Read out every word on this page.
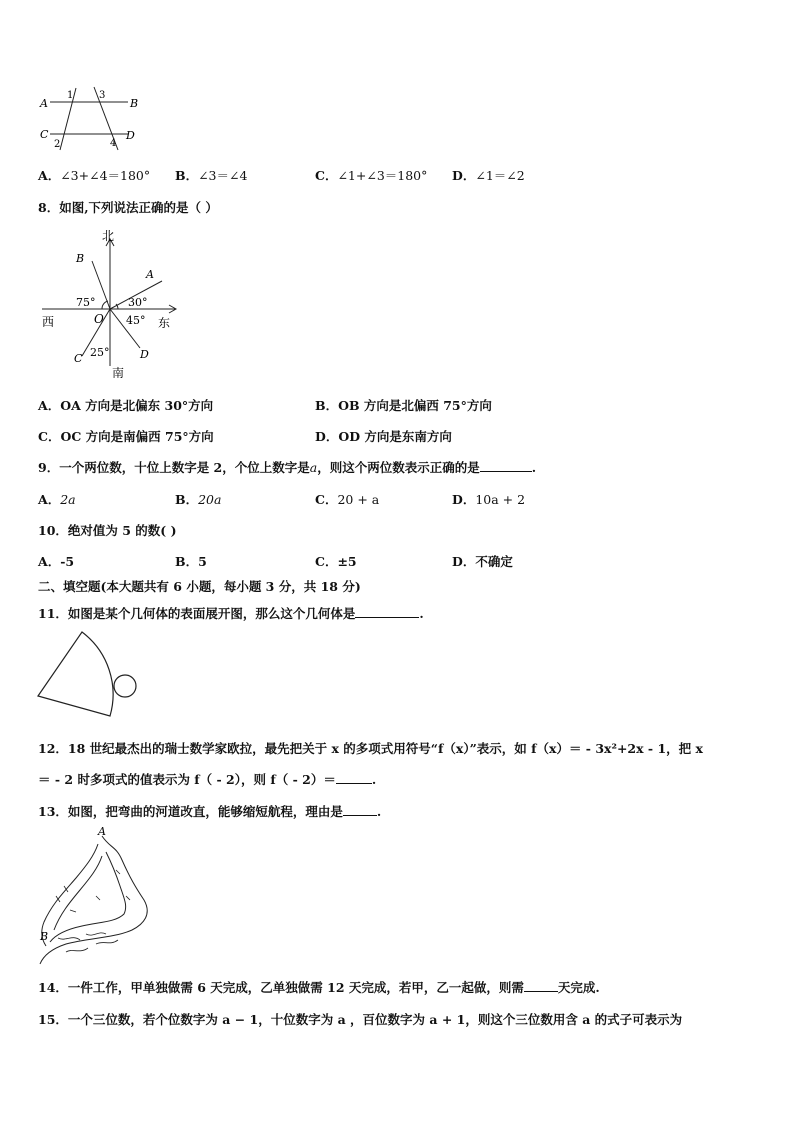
A	B
C	D
1
2
3
4
A．∠3+∠4＝180° B．∠3＝∠4	C．∠1+∠3＝180° D．∠1＝∠2
8．如图,下列说法正确的是（ ）
北
南
东
西	O
A
B
C	D
75°	30°
45°
25°
A．OA 方向是北偏东 30°方向	B．OB 方向是北偏西 75°方向
C．OC 方向是南偏西 75°方向	D．OD 方向是东南方向
9．一个两位数，十位上数字是 2，个位上数字是a，则这个两位数表示正确的是	.
A．2a	B．20a	C．20 + a	D．10a + 2
10．绝对值为 5 的数( )
A．-5	B．5	C．±5	D．不确定
二、填空题(本大题共有 6 小题，每小题 3 分，共 18 分)
11．如图是某个几何体的表面展开图，那么这个几何体是	.
12．18 世纪最杰出的瑞士数学家欧拉，最先把关于 x 的多项式用符号“f（x）”表示，如 f（x）＝ - 3x²+2x - 1，把 x
＝ - 2 时多项式的值表示为 f（ - 2），则 f（ - 2）＝	.
13．如图，把弯曲的河道改直，能够缩短航程，理由是	.
A
B
14．一件工作，甲单独做需 6 天完成，乙单独做需 12 天完成，若甲，乙一起做，则需	天完成.
15．一个三位数，若个位数字为 a − 1，十位数字为 a ，百位数字为 a + 1，则这个三位数用含 a 的式子可表示为
